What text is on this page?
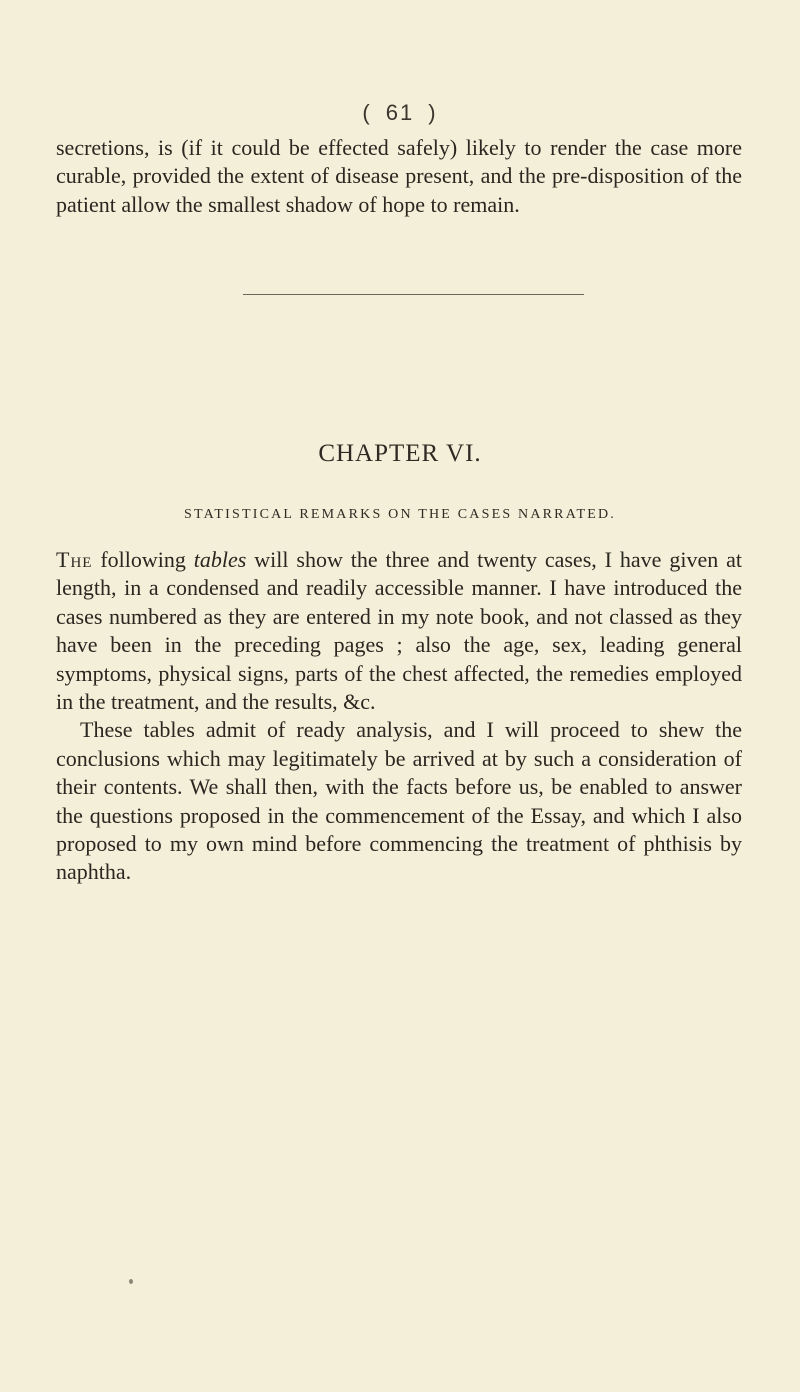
( 61 )
secretions, is (if it could be effected safely) likely to render the case more curable, provided the extent of disease present, and the pre-disposition of the patient allow the smallest shadow of hope to remain.
CHAPTER VI.
STATISTICAL REMARKS ON THE CASES NARRATED.

The following tables will show the three and twenty cases, I have given at length, in a condensed and readily accessible manner. I have introduced the cases numbered as they are entered in my note book, and not classed as they have been in the preceding pages ; also the age, sex, leading general symptoms, physical signs, parts of the chest affected, the remedies employed in the treatment, and the results, &c.

These tables admit of ready analysis, and I will proceed to shew the conclusions which may legitimately be arrived at by such a consideration of their contents. We shall then, with the facts before us, be enabled to answer the questions proposed in the commencement of the Essay, and which I also proposed to my own mind before commencing the treatment of phthisis by naphtha.
